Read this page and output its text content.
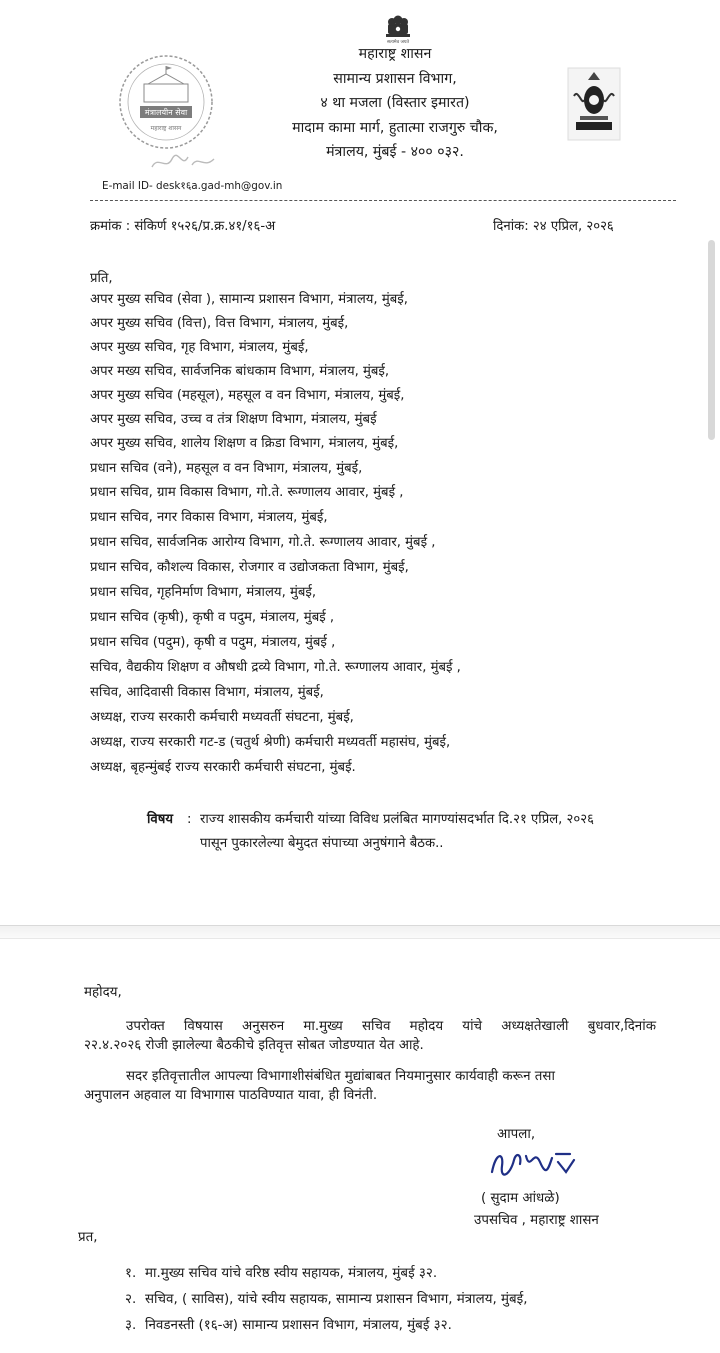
सत्यमेव जयते
महाराष्ट्र शासन
सामान्य प्रशासन विभाग,
४ था मजला (विस्तार इमारत)
मादाम कामा मार्ग, हुतात्मा राजगुरु चौक,
मंत्रालय, मुंबई - ४०० ०३२.
मंत्रालयीन सेवा
महाराष्ट्र शासन
E-mail ID- desk१६a.gad-mh@gov.in
क्रमांक : संकिर्ण १५२६/प्र.क्र.४१/१६-अ	दिनांक: २४ एप्रिल, २०२६
प्रति,
अपर मुख्य सचिव (सेवा ), सामान्य प्रशासन विभाग, मंत्रालय, मुंबई,
अपर मुख्य सचिव (वित्त), वित्त विभाग, मंत्रालय, मुंबई,
अपर मुख्य सचिव, गृह विभाग, मंत्रालय, मुंबई,
अपर मख्य सचिव, सार्वजनिक बांधकाम विभाग, मंत्रालय, मुंबई,
अपर मुख्य सचिव (महसूल), महसूल व वन विभाग, मंत्रालय, मुंबई,
अपर मुख्य सचिव, उच्च व तंत्र शिक्षण विभाग, मंत्रालय, मुंबई
अपर मुख्य सचिव, शालेय शिक्षण व क्रिडा विभाग, मंत्रालय, मुंबई,
प्रधान सचिव (वने), महसूल व वन विभाग, मंत्रालय, मुंबई,
प्रधान सचिव, ग्राम विकास विभाग, गो.ते. रूग्णालय आवार, मुंबई ,
प्रधान सचिव, नगर विकास विभाग, मंत्रालय, मुंबई,
प्रधान सचिव, सार्वजनिक आरोग्य विभाग, गो.ते. रूग्णालय आवार, मुंबई ,
प्रधान सचिव, कौशल्य विकास, रोजगार व उद्योजकता विभाग, मुंबई,
प्रधान सचिव, गृहनिर्माण विभाग, मंत्रालय, मुंबई,
प्रधान सचिव (कृषी), कृषी व पदुम, मंत्रालय, मुंबई ,
प्रधान सचिव (पदुम), कृषी व पदुम, मंत्रालय, मुंबई ,
सचिव, वैद्यकीय शिक्षण व औषधी द्रव्ये विभाग, गो.ते. रूग्णालय आवार, मुंबई ,
सचिव, आदिवासी विकास विभाग, मंत्रालय, मुंबई,
अध्यक्ष, राज्य सरकारी कर्मचारी मध्यवर्ती संघटना, मुंबई,
अध्यक्ष, राज्य सरकारी गट-ड (चतुर्थ श्रेणी) कर्मचारी मध्यवर्ती महासंघ, मुंबई,
अध्यक्ष, बृहन्मुंबई राज्य सरकारी कर्मचारी संघटना, मुंबई.
विषय : राज्य शासकीय कर्मचारी यांच्या विविध प्रलंबित मागण्यांसदर्भात दि.२१ एप्रिल, २०२६
पासून पुकारलेल्या बेमुदत संपाच्या अनुषंगाने बैठक..
महोदय,
उपरोक्त विषयास अनुसरुन मा.मुख्य सचिव महोदय यांचे अध्यक्षतेखाली बुधवार,दिनांक
२२.४.२०२६ रोजी झालेल्या बैठकीचे इतिवृत्त सोबत जोडण्यात येत आहे.
सदर इतिवृत्तातील आपल्या विभागाशीसंबंधित मुद्यांबाबत नियमानुसार कार्यवाही करून तसा
अनुपालन अहवाल या विभागास पाठविण्यात यावा, ही विनंती.
आपला,
( सुदाम आंधळे)
उपसचिव , महाराष्ट्र शासन
प्रत,
१. मा.मुख्य सचिव यांचे वरिष्ठ स्वीय सहायक, मंत्रालय, मुंबई ३२.
२. सचिव, ( साविस), यांचे स्वीय सहायक, सामान्य प्रशासन विभाग, मंत्रालय, मुंबई,
३. निवडनस्ती (१६-अ) सामान्य प्रशासन विभाग, मंत्रालय, मुंबई ३२.
